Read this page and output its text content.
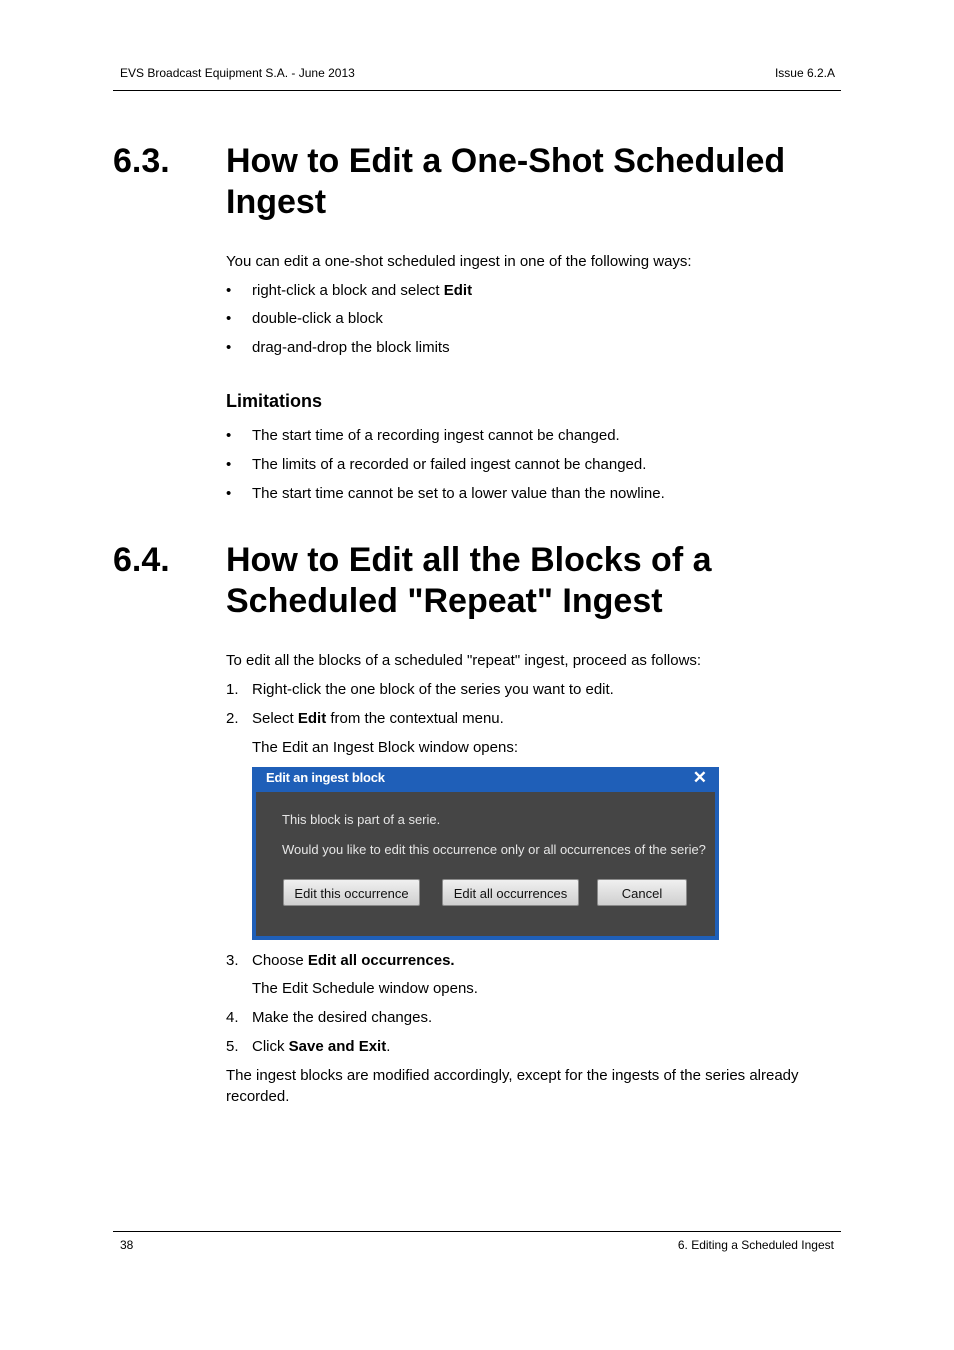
EVS Broadcast Equipment S.A. - June 2013	Issue 6.2.A
6.3. How to Edit a One-Shot Scheduled Ingest
You can edit a one-shot scheduled ingest in one of the following ways:
• right-click a block and select Edit
• double-click a block
• drag-and-drop the block limits
Limitations
• The start time of a recording ingest cannot be changed.
• The limits of a recorded or failed ingest cannot be changed.
• The start time cannot be set to a lower value than the nowline.
6.4. How to Edit all the Blocks of a Scheduled "Repeat" Ingest
To edit all the blocks of a scheduled "repeat" ingest, proceed as follows:
1. Right-click the one block of the series you want to edit.
2. Select Edit from the contextual menu.
The Edit an Ingest Block window opens:
Edit an ingest block	✕
This block is part of a serie.
Would you like to edit this occurrence only or all occurrences of the serie?
Edit this occurrence	Edit all occurrences	Cancel
3. Choose Edit all occurrences.
The Edit Schedule window opens.
4. Make the desired changes.
5. Click Save and Exit.
The ingest blocks are modified accordingly, except for the ingests of the series already recorded.
38	6. Editing a Scheduled Ingest
